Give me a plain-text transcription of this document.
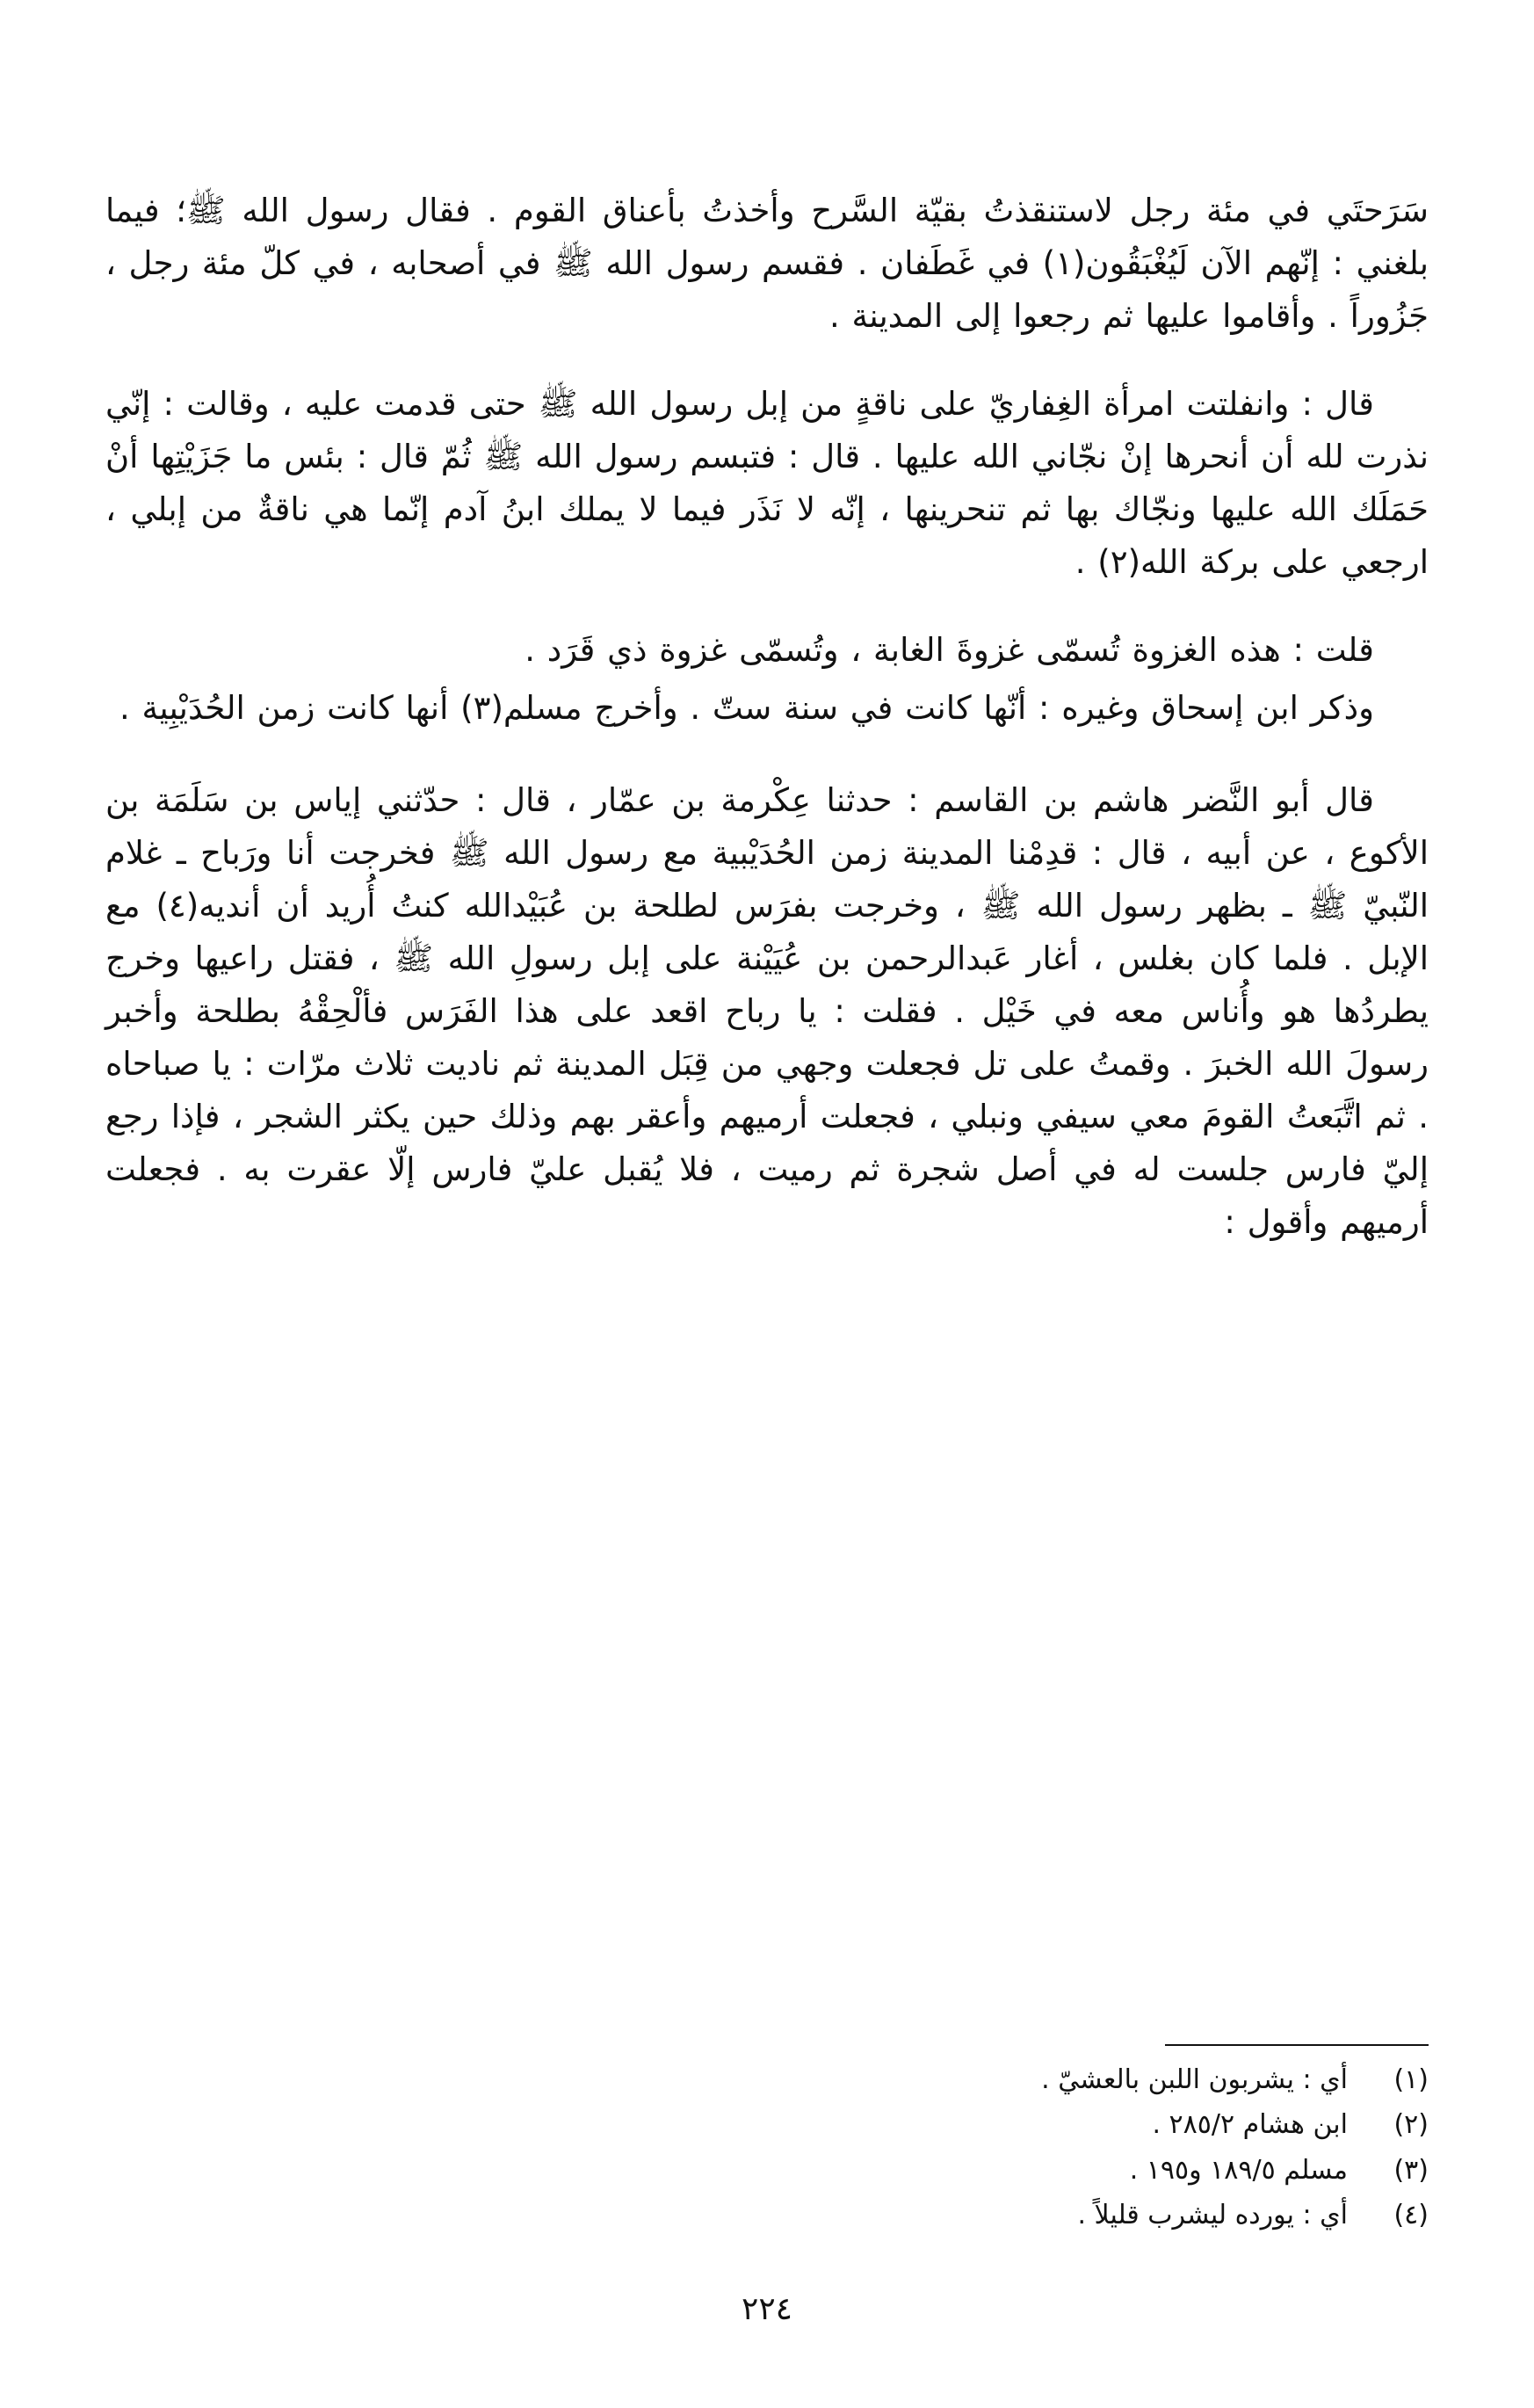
سَرَحتَي في مئة رجل لاستنقذتُ بقيّة السَّرح وأخذتُ بأعناق القوم . فقال رسول الله ﷺ؛ فيما بلغني : إنّهم الآن لَيُغْبَقُون(١) في غَطَفان . فقسم رسول الله ﷺ في أصحابه ، في كلّ مئة رجل ، جَزُوراً . وأقاموا عليها ثم رجعوا إلى المدينة .

قال : وانفلتت امرأة الغِفاريّ على ناقةٍ من إبل رسول الله ﷺ حتى قدمت عليه ، وقالت : إنّي نذرت لله أن أنحرها إنْ نجّاني الله عليها . قال : فتبسم رسول الله ﷺ ثُمّ قال : بئس ما جَزَيْتِها أنْ حَمَلَك الله عليها ونجّاك بها ثم تنحرينها ، إنّه لا نَذَر فيما لا يملك ابنُ آدم إنّما هي ناقةٌ من إبلي ، ارجعي على بركة الله(٢) .

قلت : هذه الغزوة تُسمّى غزوةَ الغابة ، وتُسمّى غزوة ذي قَرَد .

وذكر ابن إسحاق وغيره : أنّها كانت في سنة ستّ . وأخرج مسلم(٣) أنها كانت زمن الحُدَيْبِية .

قال أبو النَّضر هاشم بن القاسم : حدثنا عِكْرمة بن عمّار ، قال : حدّثني إياس بن سَلَمَة بن الأكوع ، عن أبيه ، قال : قدِمْنا المدينة زمن الحُدَيْبية مع رسول الله ﷺ فخرجت أنا ورَباح ـ غلام النّبيّ ﷺ ـ بظهر رسول الله ﷺ ، وخرجت بفرَس لطلحة بن عُبَيْدالله كنتُ أُريد أن أنديه(٤) مع الإبل . فلما كان بغلس ، أغار عَبدالرحمن بن عُيَيْنة على إبل رسولِ الله ﷺ ، فقتل راعيها وخرج يطردُها هو وأُناس معه في خَيْل . فقلت : يا رباح اقعد على هذا الفَرَس فألْحِقْهُ بطلحة وأخبر رسولَ الله الخبرَ . وقمتُ على تل فجعلت وجهي من قِبَل المدينة ثم ناديت ثلاث مرّات : يا صباحاه . ثم اتَّبَعتُ القومَ معي سيفي ونبلي ، فجعلت أرميهم وأعقر بهم وذلك حين يكثر الشجر ، فإذا رجع إليّ فارس جلست له في أصل شجرة ثم رميت ، فلا يُقبل عليّ فارس إلّا عقرت به . فجعلت أرميهم وأقول :

(١)
أي : يشربون اللبن بالعشيّ .
(٢)
ابن هشام ٢٨٥/٢ .
(٣)
مسلم ١٨٩/٥ و١٩٥ .
(٤)
أي : يورده ليشرب قليلاً .
٢٢٤
